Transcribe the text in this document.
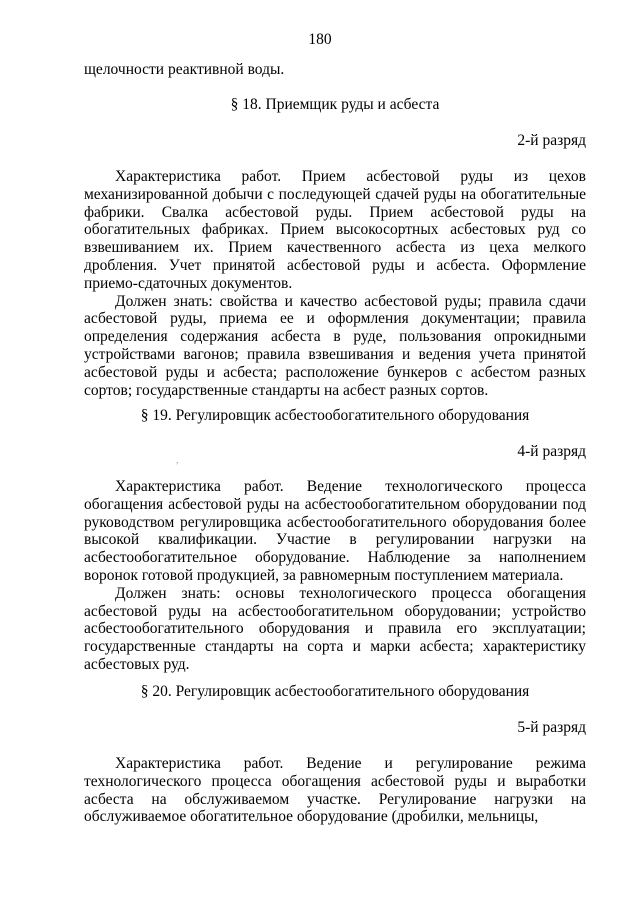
180

щелочности реактивной воды.

§ 18. Приемщик руды и асбеста

2-й разряд

Характеристика работ. Прием асбестовой руды из цехов механизированной добычи с последующей сдачей руды на обогатительные фабрики. Свалка асбестовой руды. Прием асбестовой руды на обогатительных фабриках. Прием высокосортных асбестовых руд со взвешиванием их. Прием качественного асбеста из цеха мелкого дробления. Учет принятой асбестовой руды и асбеста. Оформление приемо-сдаточных документов.

Должен знать: свойства и качество асбестовой руды; правила сдачи асбестовой руды, приема ее и оформления документации; правила определения содержания асбеста в руде, пользования опрокидными устройствами вагонов; правила взвешивания и ведения учета принятой асбестовой руды и асбеста; расположение бункеров с асбестом разных сортов; государственные стандарты на асбест разных сортов.

§ 19. Регулировщик асбестообогатительного оборудования

,	4-й разряд

Характеристика работ. Ведение технологического процесса обогащения асбестовой руды на асбестообогатительном оборудовании под руководством регулировщика асбестообогатительного оборудования более высокой квалификации. Участие в регулировании нагрузки на асбестообогатительное оборудование. Наблюдение за наполнением воронок готовой продукцией, за равномерным поступлением материала.

Должен знать: основы технологического процесса обогащения асбестовой руды на асбестообогатительном оборудовании; устройство асбестообогатительного оборудования и правила его эксплуатации; государственные стандарты на сорта и марки асбеста; характеристику асбестовых руд.

§ 20. Регулировщик асбестообогатительного оборудования

5-й разряд

Характеристика работ. Ведение и регулирование режима технологического процесса обогащения асбестовой руды и выработки асбеста на обслуживаемом участке. Регулирование нагрузки на обслуживаемое обогатительное оборудование (дробилки, мельницы,
